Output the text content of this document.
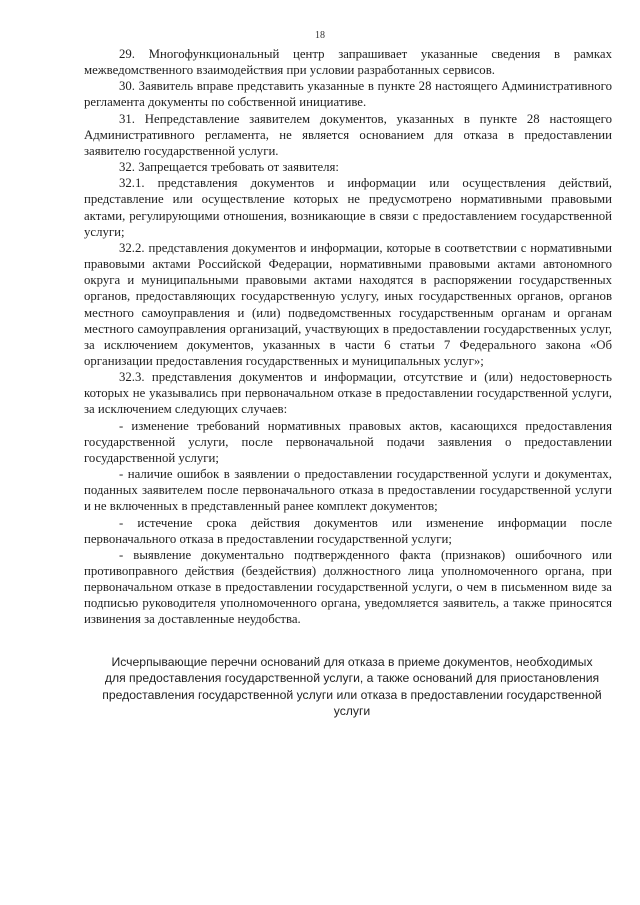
18

29. Многофункциональный центр запрашивает указанные сведения в рамках межведомственного взаимодействия при условии разработанных сервисов.

30. Заявитель вправе представить указанные в пункте 28 настоящего Административного регламента документы по собственной инициативе.

31. Непредставление заявителем документов, указанных в пункте 28 настоящего Административного регламента, не является основанием для отказа в предоставлении заявителю государственной услуги.

32. Запрещается требовать от заявителя:

32.1. представления документов и информации или осуществления действий, представление или осуществление которых не предусмотрено нормативными правовыми актами, регулирующими отношения, возникающие в связи с предоставлением государственной услуги;

32.2. представления документов и информации, которые в соответствии с нормативными правовыми актами Российской Федерации, нормативными правовыми актами автономного округа и муниципальными правовыми актами находятся в распоряжении государственных органов, предоставляющих государственную услугу, иных государственных органов, органов местного самоуправления и (или) подведомственных государственным органам и органам местного самоуправления организаций, участвующих в предоставлении государственных услуг, за исключением документов, указанных в части 6 статьи 7 Федерального закона «Об организации предоставления государственных и муниципальных услуг»;

32.3. представления документов и информации, отсутствие и (или) недостоверность которых не указывались при первоначальном отказе в предоставлении государственной услуги, за исключением следующих случаев:

- изменение требований нормативных правовых актов, касающихся предоставления государственной услуги, после первоначальной подачи заявления о предоставлении государственной услуги;

- наличие ошибок в заявлении о предоставлении государственной услуги и документах, поданных заявителем после первоначального отказа в предоставлении государственной услуги и не включенных в представленный ранее комплект документов;

- истечение срока действия документов или изменение информации после первоначального отказа в предоставлении государственной услуги;

- выявление документально подтвержденного факта (признаков) ошибочного или противоправного действия (бездействия) должностного лица уполномоченного органа, при первоначальном отказе в предоставлении государственной услуги, о чем в письменном виде за подписью руководителя уполномоченного органа, уведомляется заявитель, а также приносятся извинения за доставленные неудобства.

Исчерпывающие перечни оснований для отказа в приеме документов, необходимых для предоставления государственной услуги, а также оснований для приостановления предоставления государственной услуги или отказа в предоставлении государственной услуги
